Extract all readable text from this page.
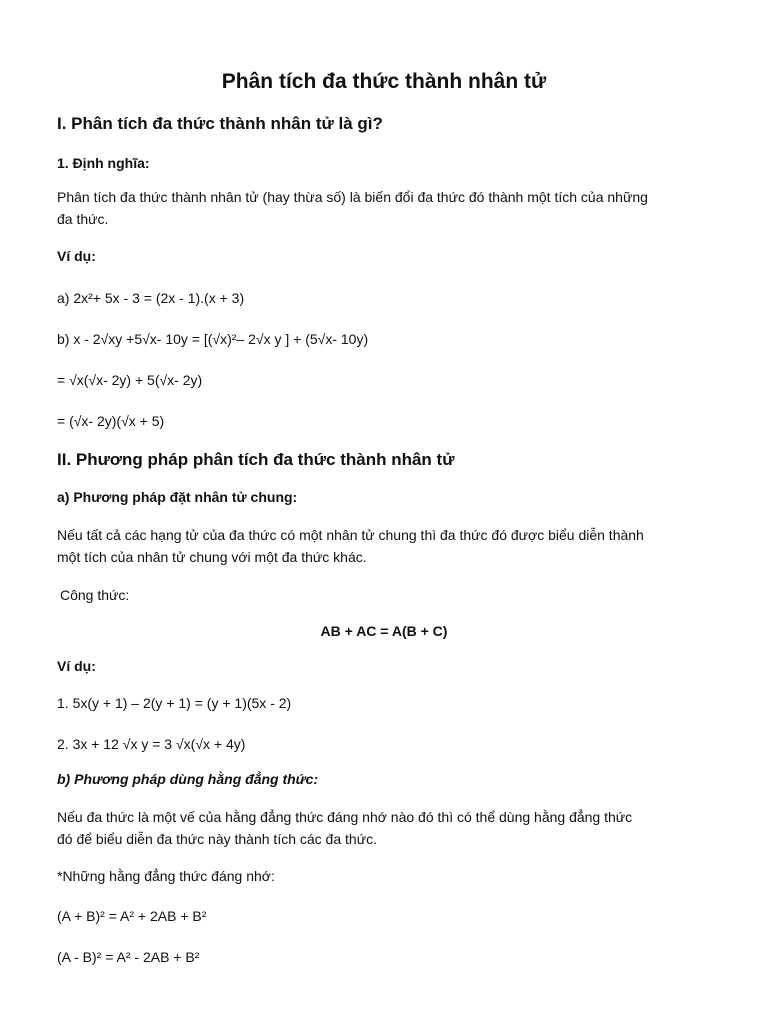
Phân tích đa thức thành nhân tử
I. Phân tích đa thức thành nhân tử là gì?
1. Định nghĩa:
Phân tích đa thức thành nhân tử (hay thừa số) là biến đổi đa thức đó thành một tích của những
đa thức.
Ví dụ:
a) 2x²+ 5x - 3 = (2x - 1).(x + 3)
b) x - 2√xy +5√x- 10y = [(√x)²– 2√x y ] + (5√x- 10y)
= √x(√x- 2y) + 5(√x- 2y)
= (√x- 2y)(√x + 5)
II. Phương pháp phân tích đa thức thành nhân tử
a) Phương pháp đặt nhân tử chung:
Nếu tất cả các hạng tử của đa thức có một nhân tử chung thì đa thức đó được biểu diễn thành
một tích của nhân tử chung với một đa thức khác.
Công thức:
AB + AC = A(B + C)
Ví dụ:
1. 5x(y + 1) – 2(y + 1) = (y + 1)(5x - 2)
2. 3x + 12 √x y = 3 √x(√x + 4y)
b) Phương pháp dùng hằng đẳng thức:
Nếu đa thức là một vế của hằng đẳng thức đáng nhớ nào đó thì có thể dùng hằng đẳng thức
đó để biểu diễn đa thức này thành tích các đa thức.
*Những hằng đẳng thức đáng nhớ:
(A + B)² = A² + 2AB + B²
(A - B)² = A² - 2AB + B²
